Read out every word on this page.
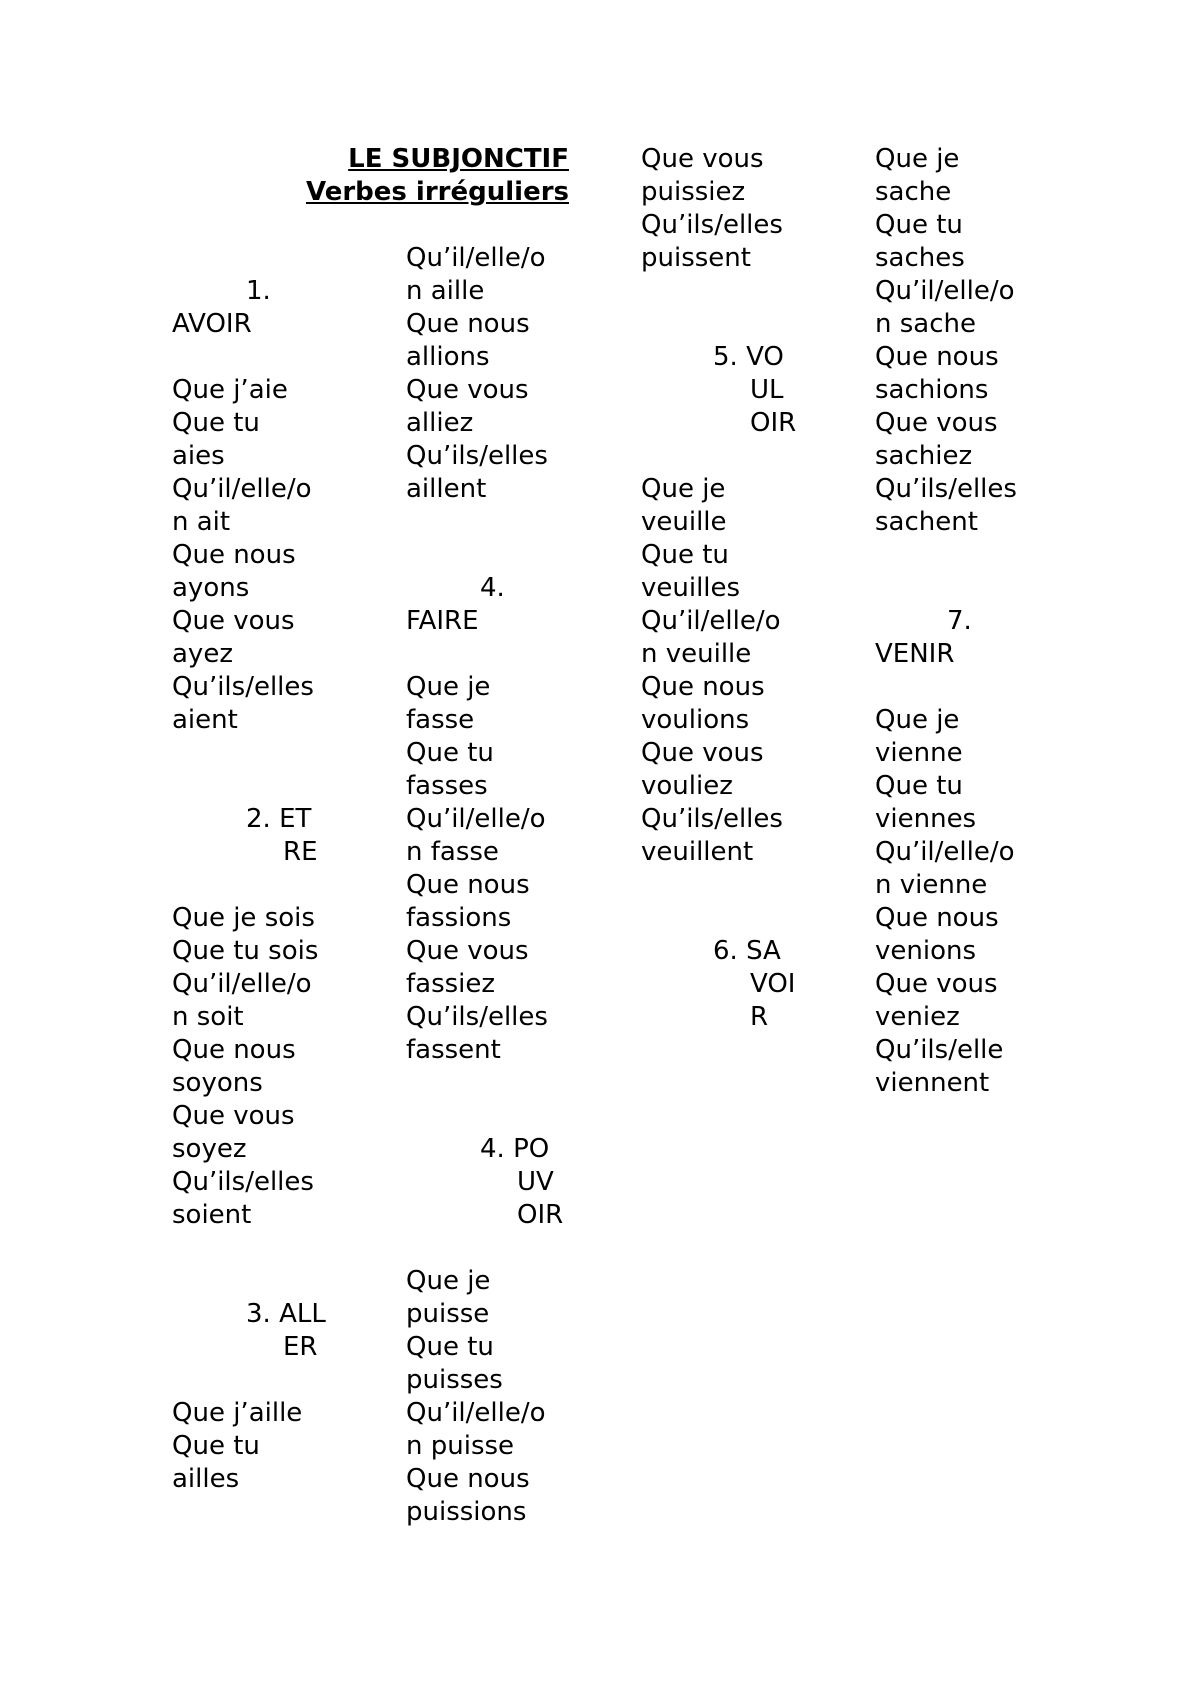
LE SUBJONCTIF
Verbes irréguliers
1.
AVOIR
Que j’aie
Que tu
aies
Qu’il/elle/o
n ait
Que nous
ayons
Que vous
ayez
Qu’ils/elles
aient
2. ET
RE
Que je sois
Que tu sois
Qu’il/elle/o
n soit
Que nous
soyons
Que vous
soyez
Qu’ils/elles
soient
3. ALL
ER
Que j’aille
Que tu
ailles
Qu’il/elle/o
n aille
Que nous
allions
Que vous
alliez
Qu’ils/elles
aillent
4.
FAIRE
Que je
fasse
Que tu
fasses
Qu’il/elle/o
n fasse
Que nous
fassions
Que vous
fassiez
Qu’ils/elles
fassent
4. PO
UV
OIR
Que je
puisse
Que tu
puisses
Qu’il/elle/o
n puisse
Que nous
puissions
Que vous
puissiez
Qu’ils/elles
puissent
5. VO
UL
OIR
Que je
veuille
Que tu
veuilles
Qu’il/elle/o
n veuille
Que nous
voulions
Que vous
vouliez
Qu’ils/elles
veuillent
6. SA
VOI
R
Que je
sache
Que tu
saches
Qu’il/elle/o
n sache
Que nous
sachions
Que vous
sachiez
Qu’ils/elles
sachent
7.
VENIR
Que je
vienne
Que tu
viennes
Qu’il/elle/o
n vienne
Que nous
venions
Que vous
veniez
Qu’ils/elle
viennent
